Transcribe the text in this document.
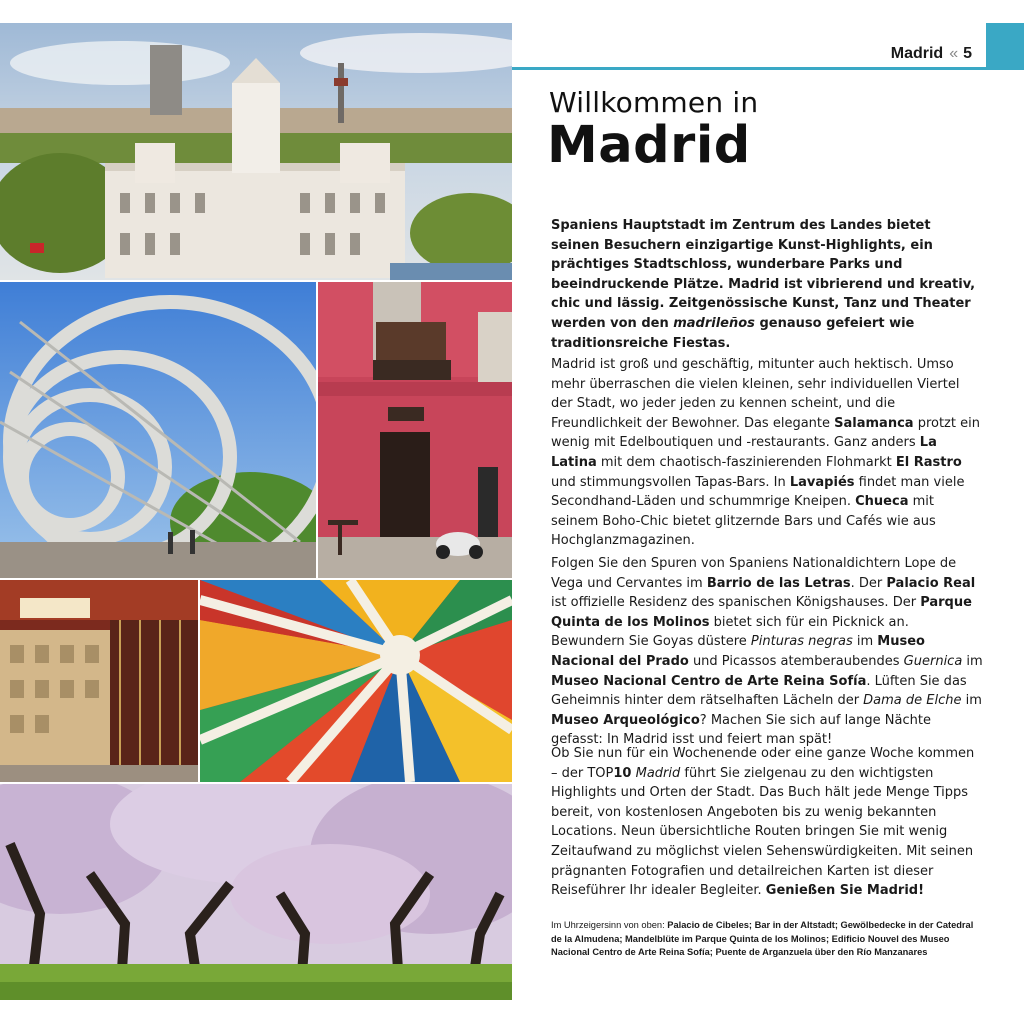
Madrid « 5
Willkommen in
Madrid

Spaniens Hauptstadt im Zentrum des Landes bietet seinen Besuchern einzigartige Kunst-Highlights, ein prächtiges Stadtschloss, wunderbare Parks und beeindruckende Plätze. Madrid ist vibrierend und kreativ, chic und lässig. Zeitgenössische Kunst, Tanz und Theater werden von den madrileños genauso gefeiert wie traditionsreiche Fiestas.

Madrid ist groß und geschäftig, mitunter auch hektisch. Umso mehr überraschen die vielen kleinen, sehr individuellen Viertel der Stadt, wo jeder jeden zu kennen scheint, und die Freundlichkeit der Bewohner. Das elegante Salamanca protzt ein wenig mit Edelboutiquen und -restaurants. Ganz anders La Latina mit dem chaotisch-faszinierenden Flohmarkt El Rastro und stimmungsvollen Tapas-Bars. In Lavapiés findet man viele Secondhand-Läden und schummrige Kneipen. Chueca mit seinem Boho-Chic bietet glitzernde Bars und Cafés wie aus Hochglanzmagazinen.

Folgen Sie den Spuren von Spaniens Nationaldichtern Lope de Vega und Cervantes im Barrio de las Letras. Der Palacio Real ist offizielle Residenz des spanischen Königshauses. Der Parque Quinta de los Molinos bietet sich für ein Picknick an. Bewundern Sie Goyas düstere Pinturas negras im Museo Nacional del Prado und Picassos atemberaubendes Guernica im Museo Nacional Centro de Arte Reina Sofía. Lüften Sie das Geheimnis hinter dem rätselhaften Lächeln der Dama de Elche im Museo Arqueológico? Machen Sie sich auf lange Nächte gefasst: In Madrid isst und feiert man spät!

Ob Sie nun für ein Wochenende oder eine ganze Woche kommen – der TOP10 Madrid führt Sie zielgenau zu den wichtigsten Highlights und Orten der Stadt. Das Buch hält jede Menge Tipps bereit, von kostenlosen Angeboten bis zu wenig bekannten Locations. Neun übersichtliche Routen bringen Sie mit wenig Zeitaufwand zu möglichst vielen Sehenswürdigkeiten. Mit seinen prägnanten Fotografien und detailreichen Karten ist dieser Reiseführer Ihr idealer Begleiter. Genießen Sie Madrid!

Im Uhrzeigersinn von oben: Palacio de Cibeles; Bar in der Altstadt; Gewölbedecke in der Catedral de la Almudena; Mandelblüte im Parque Quinta de los Molinos; Edificio Nouvel des Museo Nacional Centro de Arte Reina Sofía; Puente de Arganzuela über den Río Manzanares
